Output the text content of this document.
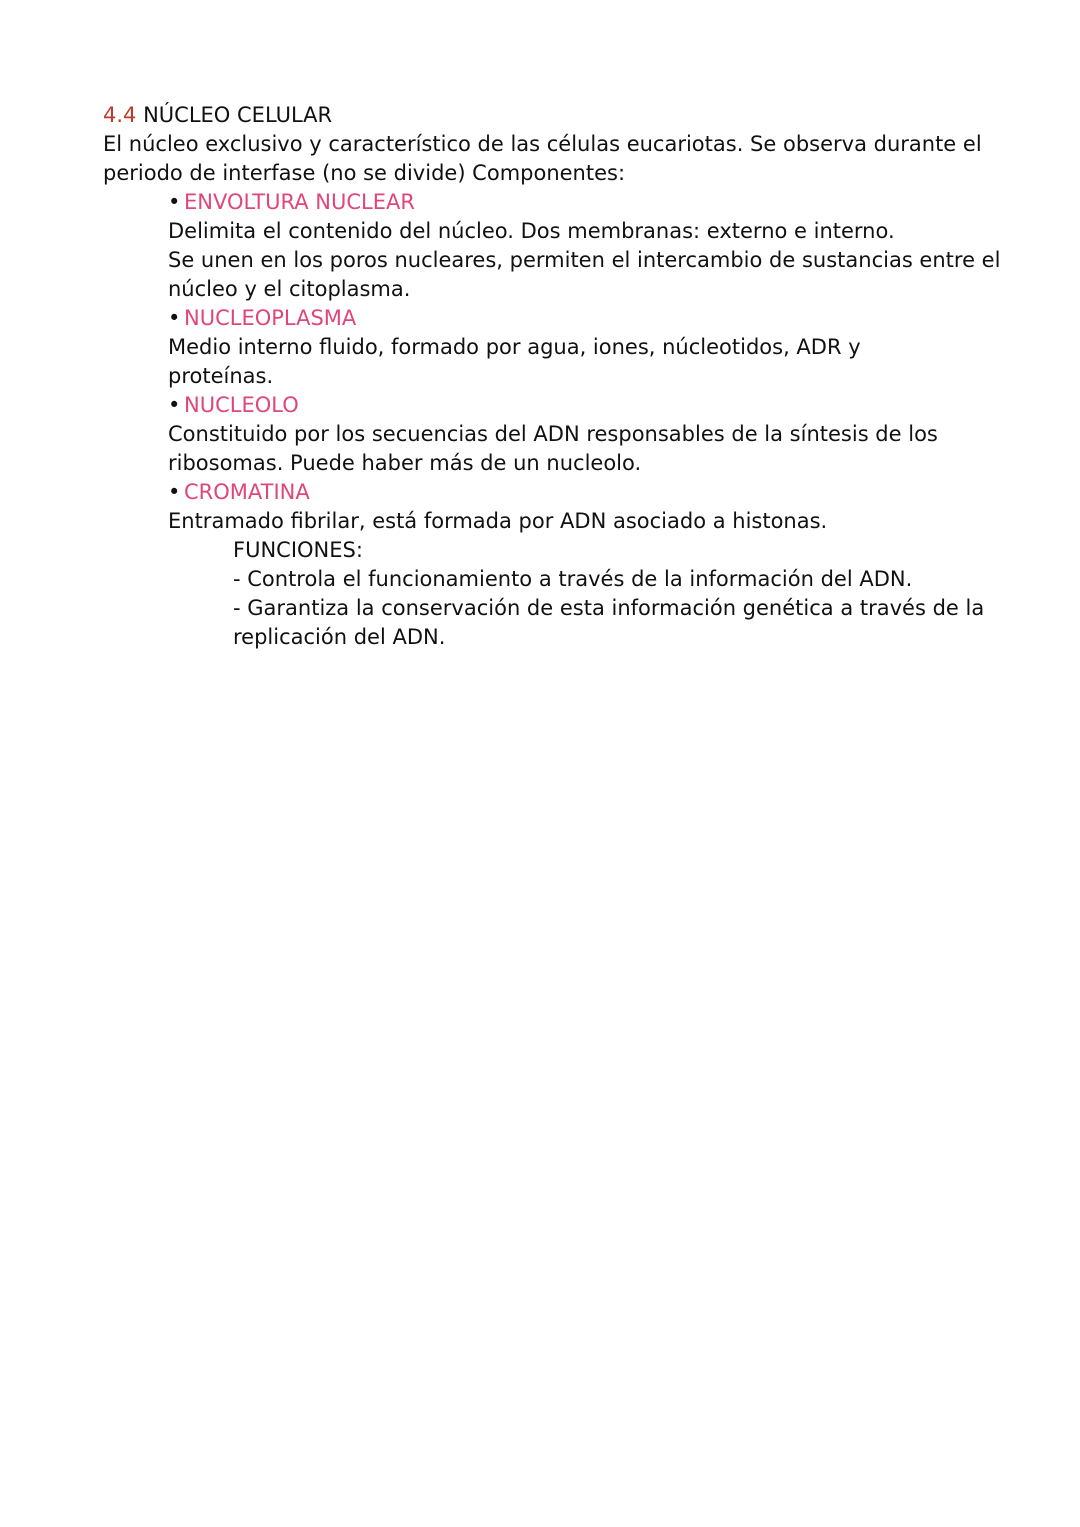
4.4 NÚCLEO CELULAR
El núcleo exclusivo y característico de las células eucariotas. Se observa durante el
periodo de interfase (no se divide) Componentes:
• ENVOLTURA NUCLEAR
Delimita el contenido del núcleo. Dos membranas: externo e interno.
Se unen en los poros nucleares, permiten el intercambio de sustancias entre el
núcleo y el citoplasma.
• NUCLEOPLASMA
Medio interno fluido, formado por agua, iones, núcleotidos, ADR y
proteínas.
• NUCLEOLO
Constituido por los secuencias del ADN responsables de la síntesis de los
ribosomas. Puede haber más de un nucleolo.
• CROMATINA
Entramado fibrilar, está formada por ADN asociado a histonas.
FUNCIONES:
- Controla el funcionamiento a través de la información del ADN.
- Garantiza la conservación de esta información genética a través de la
replicación del ADN.
